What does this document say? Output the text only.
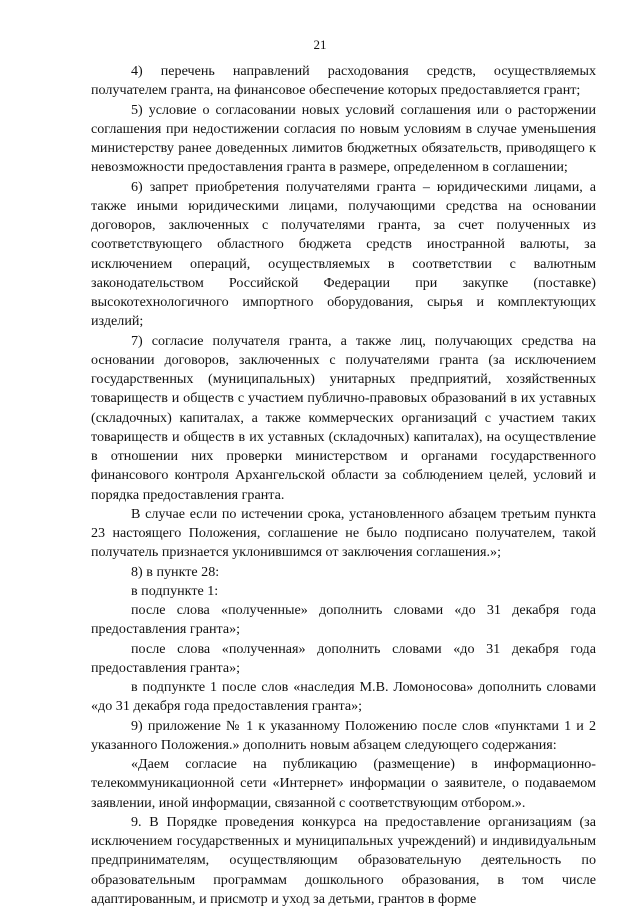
21

4) перечень направлений расходования средств, осуществляемых получателем гранта, на финансовое обеспечение которых предоставляется грант;

5) условие о согласовании новых условий соглашения или о расторжении соглашения при недостижении согласия по новым условиям в случае уменьшения министерству ранее доведенных лимитов бюджетных обязательств, приводящего к невозможности предоставления гранта в размере, определенном в соглашении;

6) запрет приобретения получателями гранта – юридическими лицами, а также иными юридическими лицами, получающими средства на основании договоров, заключенных с получателями гранта, за счет полученных из соответствующего областного бюджета средств иностранной валюты, за исключением операций, осуществляемых в соответствии с валютным законодательством Российской Федерации при закупке (поставке) высокотехнологичного импортного оборудования, сырья и комплектующих изделий;

7) согласие получателя гранта, а также лиц, получающих средства на основании договоров, заключенных с получателями гранта (за исключением государственных (муниципальных) унитарных предприятий, хозяйственных товариществ и обществ с участием публично-правовых образований в их уставных (складочных) капиталах, а также коммерческих организаций с участием таких товариществ и обществ в их уставных (складочных) капиталах), на осуществление в отношении них проверки министерством и органами государственного финансового контроля Архангельской области за соблюдением целей, условий и порядка предоставления гранта.

В случае если по истечении срока, установленного абзацем третьим пункта 23 настоящего Положения, соглашение не было подписано получателем, такой получатель признается уклонившимся от заключения соглашения.»;

8) в пункте 28:

в подпункте 1:

после слова «полученные» дополнить словами «до 31 декабря года предоставления гранта»;

после слова «полученная» дополнить словами «до 31 декабря года предоставления гранта»;

в подпункте 1 после слов «наследия М.В. Ломоносова» дополнить словами «до 31 декабря года предоставления гранта»;

9) приложение № 1 к указанному Положению после слов «пунктами 1 и 2 указанного Положения.» дополнить новым абзацем следующего содержания:

«Даем согласие на публикацию (размещение) в информационно-телекоммуникационной сети «Интернет» информации о заявителе, о подаваемом заявлении, иной информации, связанной с соответствующим отбором.».

9. В Порядке проведения конкурса на предоставление организациям (за исключением государственных и муниципальных учреждений) и индивидуальным предпринимателям, осуществляющим образовательную деятельность по образовательным программам дошкольного образования, в том числе адаптированным, и присмотр и уход за детьми, грантов в форме
